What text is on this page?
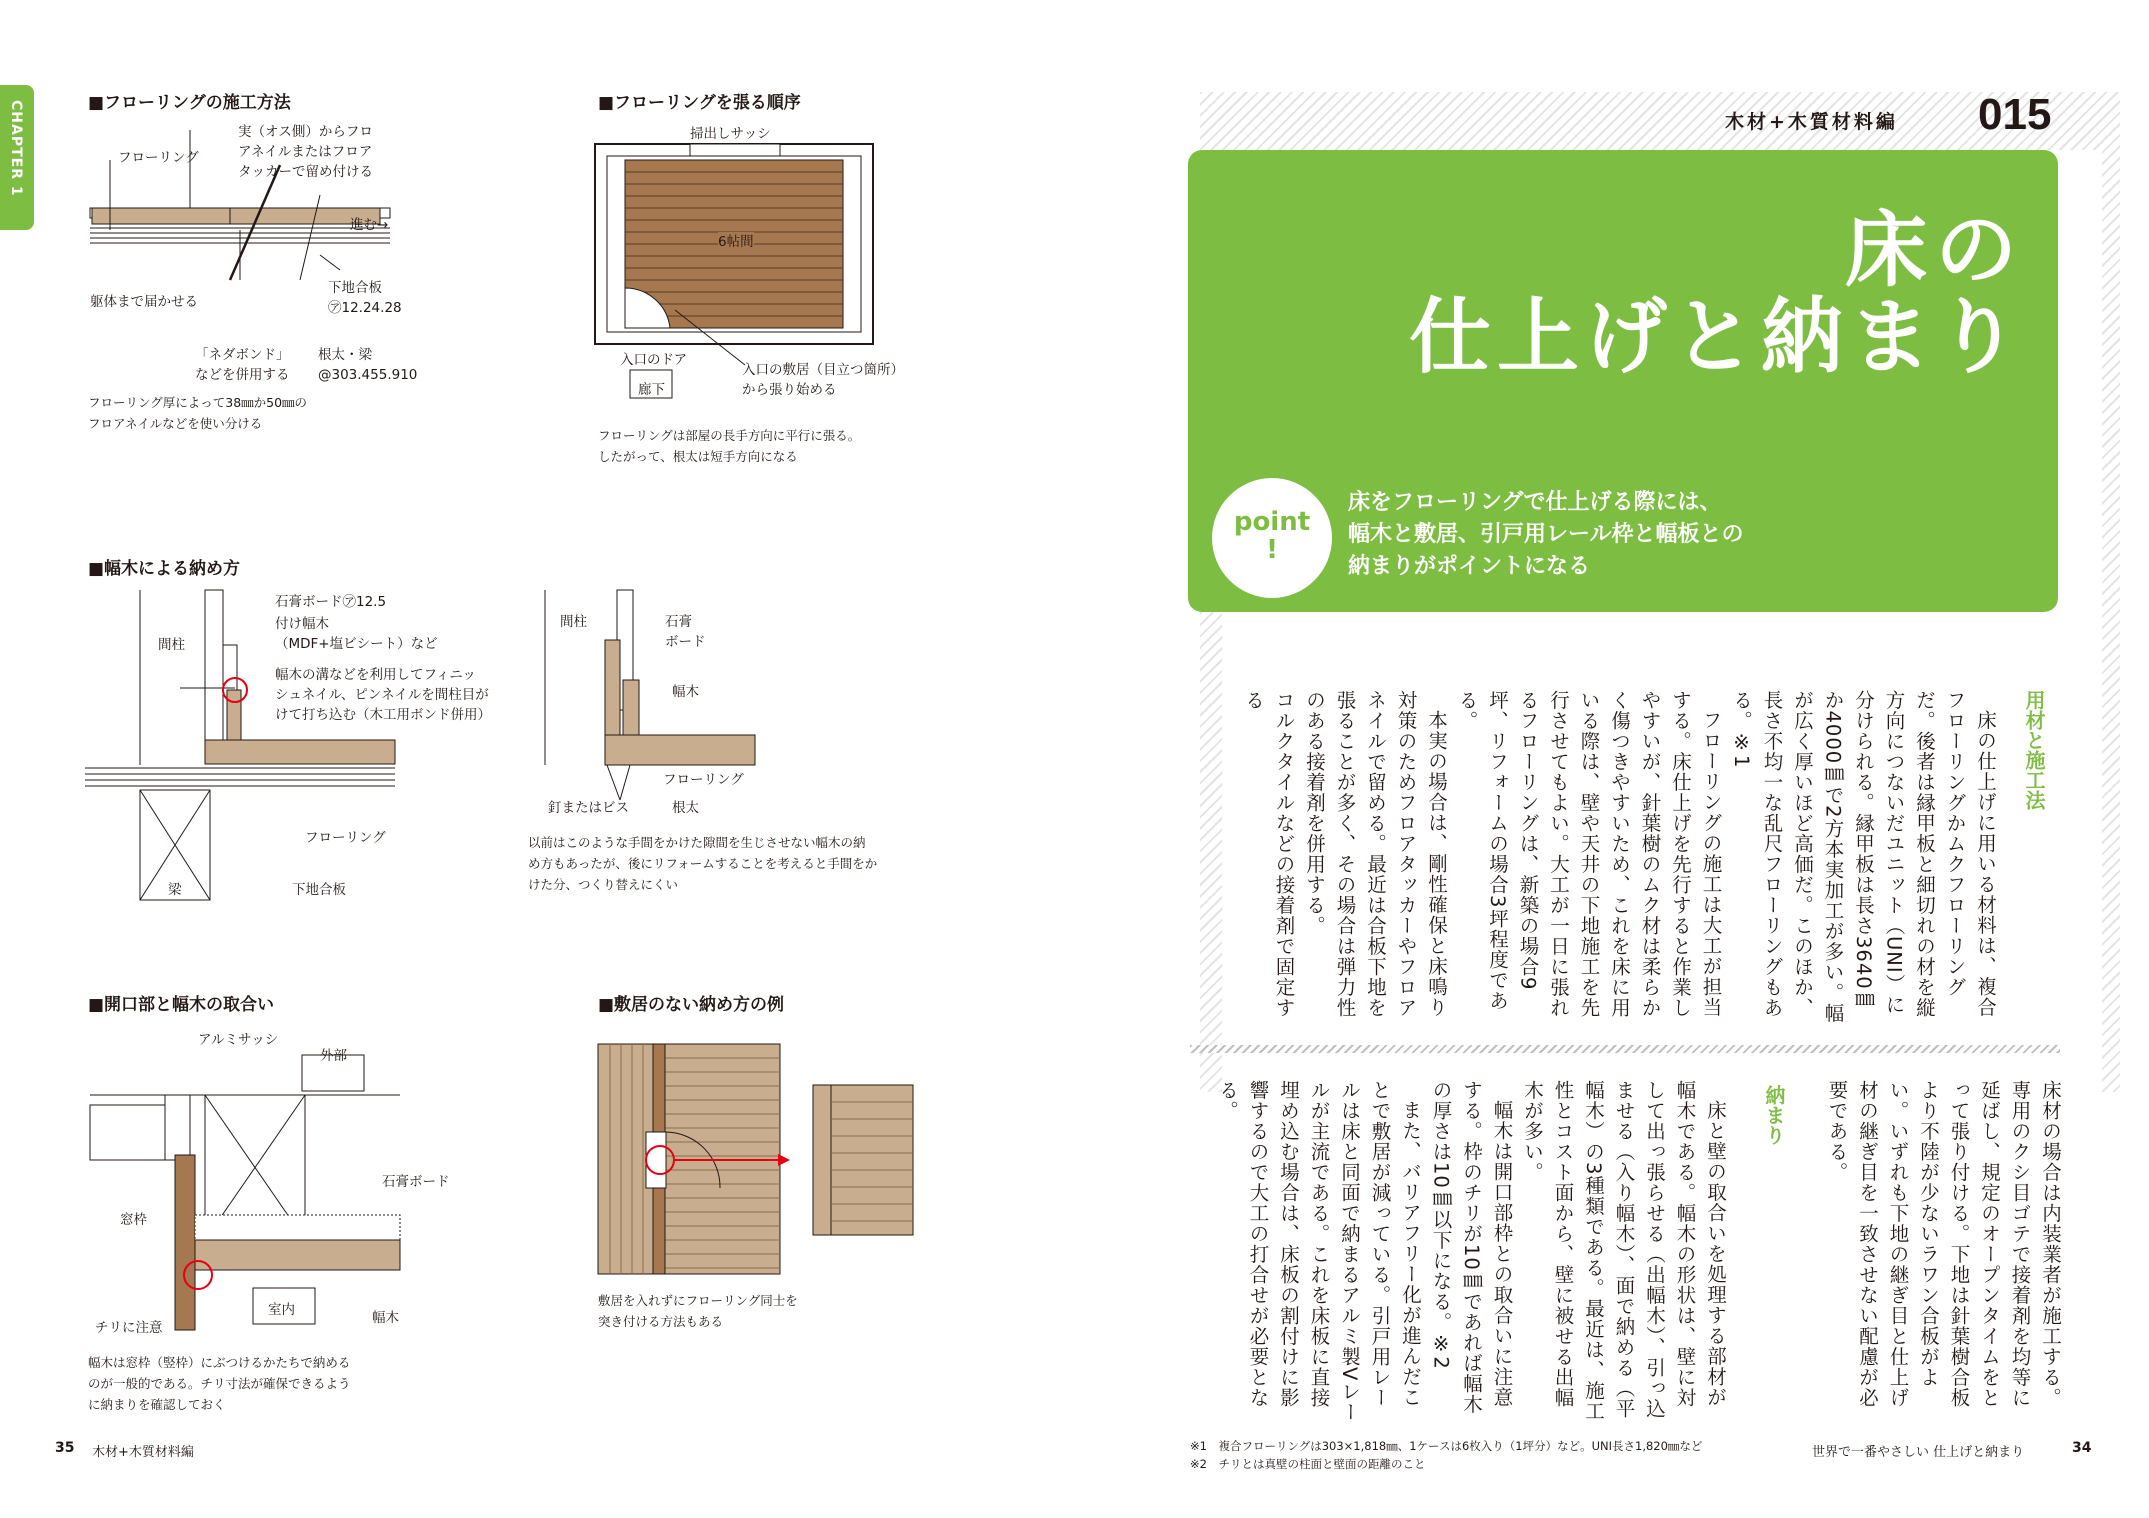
CHAPTER 1	■フローリングの施工方法
フローリング
実（オス側）からフロ
アネイルまたはフロア
タッカーで留め付ける
進む→
躯体まで届かせる
下地合板
㋐12.24.28
「ネダボンド」
などを併用する
根太・梁
@303.455.910
フローリング厚によって38㎜か50㎜の
フロアネイルなどを使い分ける
■フローリングを張る順序
掃出しサッシ
6帖間
入口のドア
廊下
入口の敷居（目立つ箇所）
から張り始める
フローリングは部屋の長手方向に平行に張る。
したがって、根太は短手方向になる
■幅木による納め方
石膏ボード㋐12.5
付け幅木
（MDF+塩ビシート）など
間柱
幅木の溝などを利用してフィニッ
シュネイル、ピンネイルを間柱目が
けて打ち込む（木工用ボンド併用）
フローリング
梁	下地合板
間柱	石膏
ボード
幅木
フローリング
釘またはビス	根太
以前はこのような手間をかけた隙間を生じさせない幅木の納
め方もあったが、後にリフォームすることを考えると手間をか
けた分、つくり替えにくい
■開口部と幅木の取合い
アルミサッシ
外部
石膏ボード
窓枠
室内	幅木
チリに注意
幅木は窓枠（竪枠）にぶつけるかたちで納める
のが一般的である。チリ寸法が確保できるよう
に納まりを確認しておく
■敷居のない納め方の例
敷居を入れずにフローリング同士を
突き付ける方法もある
35 木材+木質材料編
木材+木質材料編 015
床の
仕上げと納まり
point
!
床をフローリングで仕上げる際には、
幅木と敷居、引戸用レール枠と幅板との
納まりがポイントになる
用材と施工法

床の仕上げに用いる材料は、複合フローリングかムクフローリングだ。後者は縁甲板と細切れの材を縦方向につないだユニット（UNI）に分けられる。縁甲板は長さ3640㎜か4000㎜で2方本実加工が多い。幅が広く厚いほど高価だ。このほか、長さ不均一な乱尺フローリングもある。※1

フローリングの施工は大工が担当する。床仕上げを先行すると作業しやすいが、針葉樹のムク材は柔らかく傷つきやすいため、これを床に用いる際は、壁や天井の下地施工を先行させてもよい。大工が一日に張れるフローリングは、新築の場合9坪、リフォームの場合3坪程度である。

本実の場合は、剛性確保と床鳴り対策のためフロアタッカーやフロアネイルで留める。最近は合板下地を張ることが多く、その場合は弾力性のある接着剤を併用する。

コルクタイルなどの接着剤で固定する

納まり	床材の場合は内装業者が施工する。専用のクシ目ゴテで接着剤を均等に延ばし、規定のオープンタイムをとって張り付ける。下地は針葉樹合板より不陸が少ないラワン合板がよい。いずれも下地の継ぎ目と仕上げ材の継ぎ目を一致させない配慮が必要である。

床と壁の取合いを処理する部材が幅木である。幅木の形状は、壁に対して出っ張らせる（出幅木）、引っ込ませる（入り幅木）、面で納める（平幅木）の3種類である。最近は、施工性とコスト面から、壁に被せる出幅木が多い。

幅木は開口部枠との取合いに注意する。枠のチリが10㎜であれば幅木の厚さは10㎜以下になる。※2

また、バリアフリー化が進んだことで敷居が減っている。引戸用レールは床と同面で納まるアルミ製Vレールが主流である。これを床板に直接埋め込む場合は、床板の割付けに影響するので大工の打合せが必要となる。

※1　複合フローリングは303×1,818㎜、1ケースは6枚入り（1坪分）など。UNI長さ1,820㎜など
※2　チリとは真壁の柱面と壁面の距離のこと
世界で一番やさしい 仕上げと納まり	34
